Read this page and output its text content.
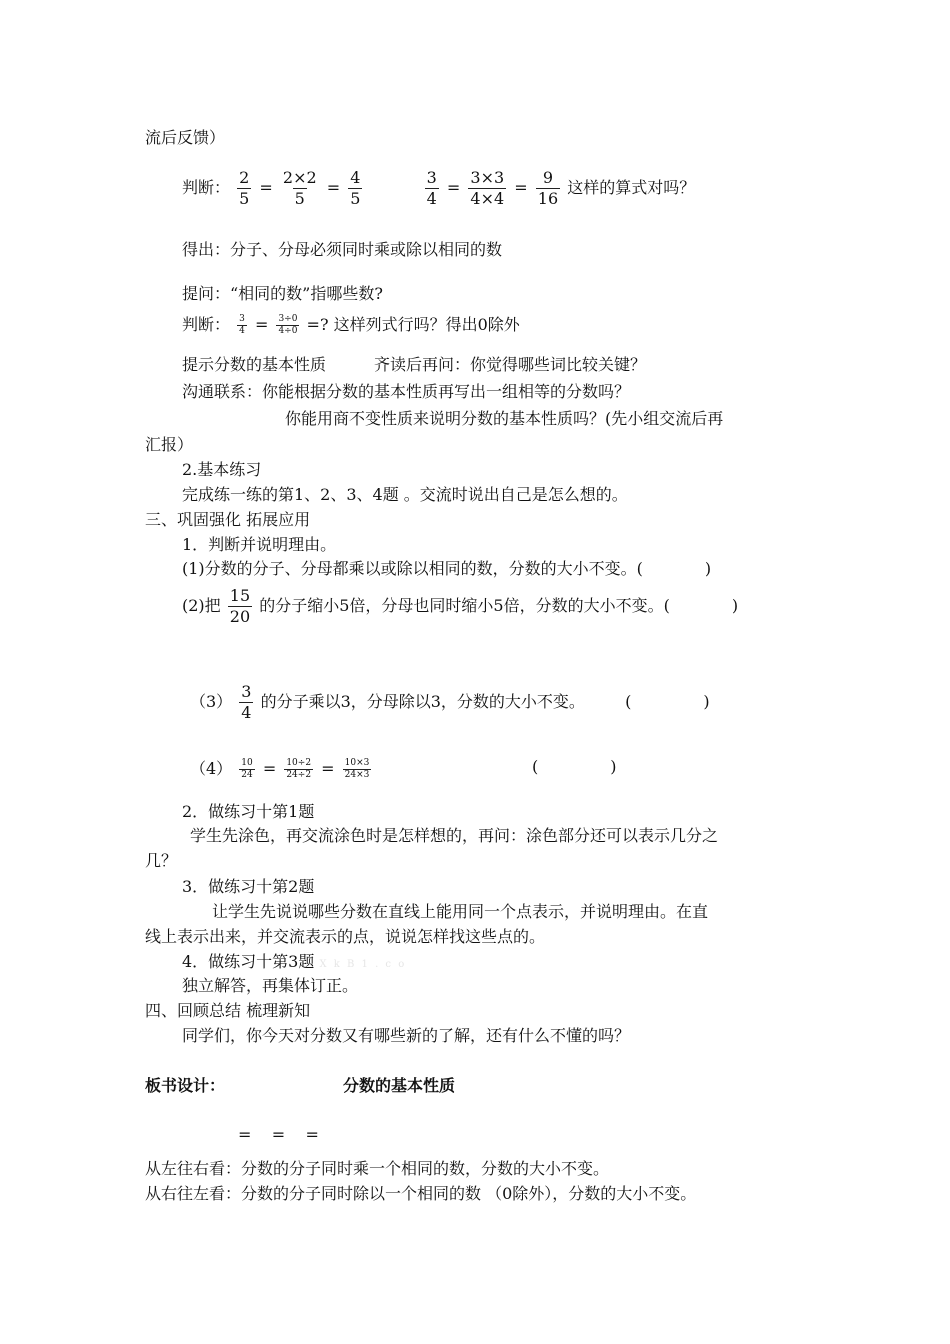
流后反馈）
判断： $\frac{2}{5} = \frac{2\times 2}{5} = \frac{4}{5}$
	$\frac{3}{4} = \frac{3\times 3}{4\times 4} = \frac{9}{16}$ 这样的算式对吗？
得出：分子、分母必须同时乘或除以相同的数
提问：“相同的数”指哪些数?
判断： $\frac{3}{4} = \frac{3\div 0}{4\div 0}$ =? 这样列式行吗？得出0除外
提示分数的基本性质	齐读后再问：你觉得哪些词比较关键？
沟通联系：你能根据分数的基本性质再写出一组相等的分数吗？
你能用商不变性质来说明分数的基本性质吗？(先小组交流后再
汇报）
2.基本练习
完成练一练的第1、2、3、4题 。交流时说出自己是怎么想的。
三、巩固强化 拓展应用
1．判断并说明理由。
(1)分数的分子、分母都乘以或除以相同的数，分数的大小不变。(	)
(2)把 $\frac{15}{20}$ 的分子缩小5倍，分母也同时缩小5倍，分数的大小不变。(	)
$(3) \frac{3}{4}$ 的分子乘以3，分母除以3，分数的大小不变。	(	)
$(4) \frac{10}{24} = \frac{10\div 2}{24\div 2} = \frac{10\times 3}{24\times 3}$	(	)
2．做练习十第1题
学生先涂色，再交流涂色时是怎样想的，再问：涂色部分还可以表示几分之
几？
3．做练习十第2题
让学生先说说哪些分数在直线上能用同一个点表示，并说明理由。在直
线上表示出来，并交流表示的点，说说怎样找这些点的。
4．做练习十第3题 X k B 1 . c o
独立解答，再集体订正。
四、回顾总结 梳理新知
同学们，你今天对分数又有哪些新的了解，还有什么不懂的吗？
板书设计：	分数的基本性质
=    =    =
从左往右看：分数的分子同时乘一个相同的数，分数的大小不变。
从右往左看：分数的分子同时除以一个相同的数 （0除外），分数的大小不变。
